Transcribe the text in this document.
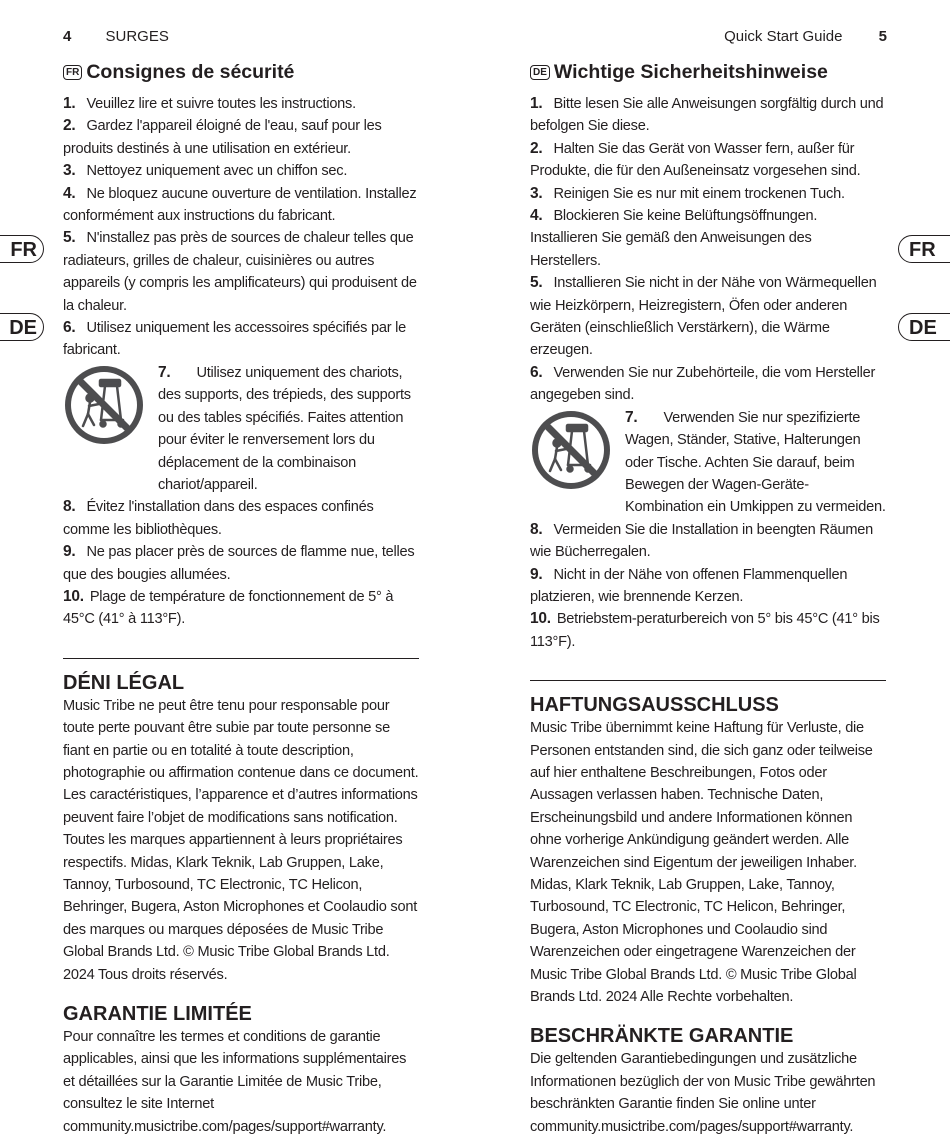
4 SURGES	Quick Start Guide 5
FR
DE
FR
DE
FR Consignes de sécurité

1. Veuillez lire et suivre toutes les instructions.

2. Gardez l'appareil éloigné de l'eau, sauf pour les produits destinés à une utilisation en extérieur.

3. Nettoyez uniquement avec un chiffon sec.

4. Ne bloquez aucune ouverture de ventilation. Installez conformément aux instructions du fabricant.

5. N'installez pas près de sources de chaleur telles que radiateurs, grilles de chaleur, cuisinières ou autres appareils (y compris les amplificateurs) qui produisent de la chaleur.

6. Utilisez uniquement les accessoires spécifiés par le fabricant.

7. Utilisez uniquement des chariots, des supports, des trépieds, des supports ou des tables spécifiés. Faites attention pour éviter le renversement lors du déplacement de la combinaison chariot/appareil.

8. Évitez l'installation dans des espaces confinés comme les bibliothèques.

9. Ne pas placer près de sources de flamme nue, telles que des bougies allumées.

10. Plage de température de fonctionnement de 5° à 45°C (41° à 113°F).

DÉNI LÉGAL
Music Tribe ne peut être tenu pour responsable pour toute perte pouvant être subie par toute personne se fiant en partie ou en totalité à toute description, photographie ou affirmation contenue dans ce document. Les caractéristiques, l’apparence et d’autres informations peuvent faire l’objet de modifications sans notification. Toutes les marques appartiennent à leurs propriétaires respectifs. Midas, Klark Teknik, Lab Gruppen, Lake, Tannoy, Turbosound, TC Electronic, TC Helicon, Behringer, Bugera, Aston Microphones et Coolaudio sont des marques ou marques déposées de Music Tribe Global Brands Ltd. © Music Tribe Global Brands Ltd. 2024 Tous droits réservés.
GARANTIE LIMITÉE
Pour connaître les termes et conditions de garantie applicables, ainsi que les informations supplémentaires et détaillées sur la Garantie Limitée de Music Tribe, consultez le site Internet community.musictribe.com/pages/support#warranty.
DE Wichtige Sicherheitshinweise

1. Bitte lesen Sie alle Anweisungen sorgfältig durch und befolgen Sie diese.

2. Halten Sie das Gerät von Wasser fern, außer für Produkte, die für den Außeneinsatz vorgesehen sind.

3. Reinigen Sie es nur mit einem trockenen Tuch.

4. Blockieren Sie keine Belüftungsöffnungen. Installieren Sie gemäß den Anweisungen des Herstellers.

5. Installieren Sie nicht in der Nähe von Wärmequellen wie Heizkörpern, Heizregistern, Öfen oder anderen Geräten (einschließlich Verstärkern), die Wärme erzeugen.

6. Verwenden Sie nur Zubehörteile, die vom Hersteller angegeben sind.

7. Verwenden Sie nur spezifizierte Wagen, Ständer, Stative, Halterungen oder Tische. Achten Sie darauf, beim Bewegen der Wagen-Geräte-Kombination ein Umkippen zu vermeiden.

8. Vermeiden Sie die Installation in beengten Räumen wie Bücherregalen.

9. Nicht in der Nähe von offenen Flammenquellen platzieren, wie brennende Kerzen.

10. Betriebstem-peraturbereich von 5° bis 45°C (41° bis 113°F).

HAFTUNGSAUSSCHLUSS
Music Tribe übernimmt keine Haftung für Verluste, die Personen entstanden sind, die sich ganz oder teilweise auf hier enthaltene Beschreibungen, Fotos oder Aussagen verlassen haben. Technische Daten, Erscheinungsbild und andere Informationen können ohne vorherige Ankündigung geändert werden. Alle Warenzeichen sind Eigentum der jeweiligen Inhaber. Midas, Klark Teknik, Lab Gruppen, Lake, Tannoy, Turbosound, TC Electronic, TC Helicon, Behringer, Bugera, Aston Microphones und Coolaudio sind Warenzeichen oder eingetragene Warenzeichen der Music Tribe Global Brands Ltd. © Music Tribe Global Brands Ltd. 2024 Alle Rechte vorbehalten.
BESCHRÄNKTE GARANTIE
Die geltenden Garantiebedingungen und zusätzliche Informationen bezüglich der von Music Tribe gewährten beschränkten Garantie finden Sie online unter community.musictribe.com/pages/support#warranty.
